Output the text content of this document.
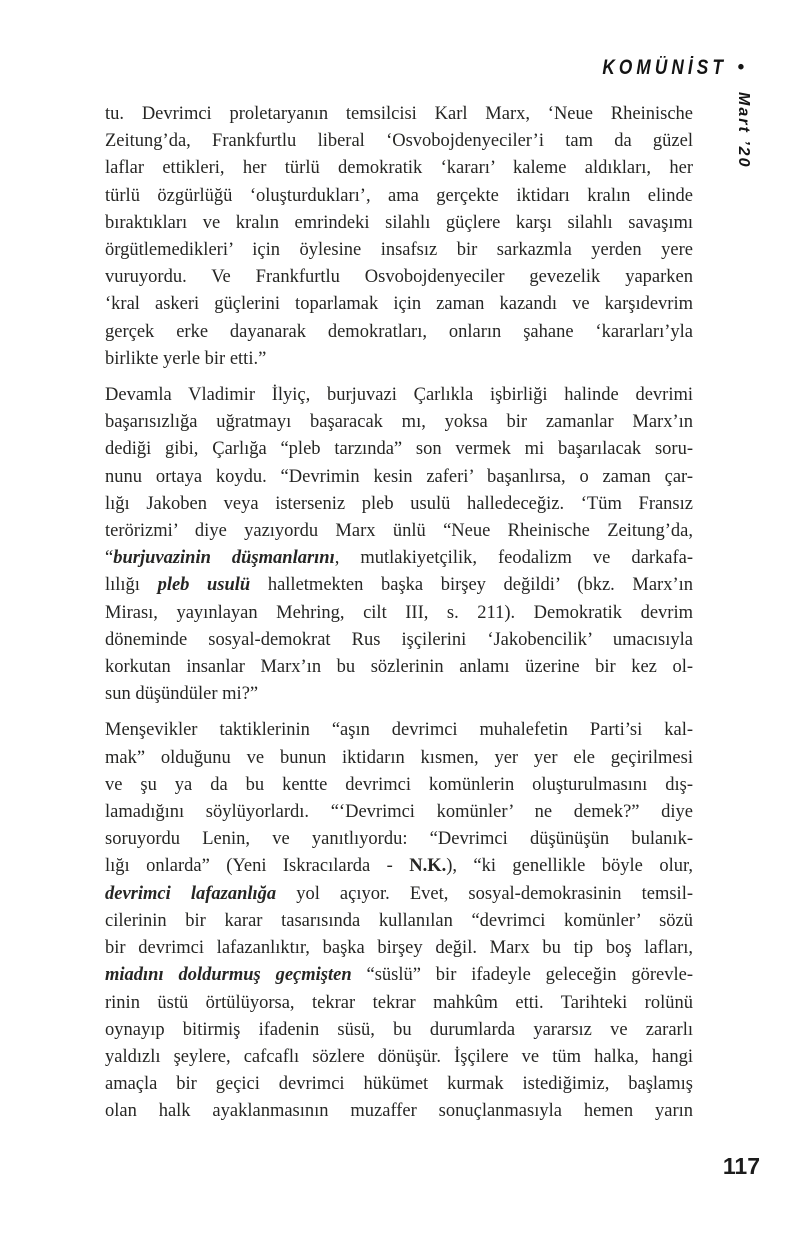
KOMÜNİST •
Mart ’20
tu. Devrimci proletaryanın temsilcisi Karl Marx, ‘Neue Rheinische
Zeitung’da, Frankfurtlu liberal ‘Osvobojdenyeciler’i tam da güzel
laflar ettikleri, her türlü demokratik ‘kararı’ kaleme aldıkları, her
türlü özgürlüğü ‘oluşturdukları’, ama gerçekte iktidarı kralın elinde
bıraktıkları ve kralın emrindeki silahlı güçlere karşı silahlı savaşımı
örgütlemedikleri’ için öylesine insafsız bir sarkazmla yerden yere
vuruyordu. Ve Frankfurtlu Osvobojdenyeciler gevezelik yaparken
‘kral askeri güçlerini toparlamak için zaman kazandı ve karşıdevrim
gerçek erke dayanarak demokratları, onların şahane ‘kararları’yla
birlikte yerle bir etti.”
Devamla Vladimir İlyiç, burjuvazi Çarlıkla işbirliği halinde devrimi
başarısızlığa uğratmayı başaracak mı, yoksa bir zamanlar Marx’ın
dediği gibi, Çarlığa “pleb tarzında” son vermek mi başarılacak soru-
nunu ortaya koydu. “Devrimin kesin zaferi’ başanlırsa, o zaman çar-
lığı Jakoben veya isterseniz pleb usulü halledeceğiz. ‘Tüm Fransız
terörizmi’ diye yazıyordu Marx ünlü “Neue Rheinische Zeitung’da,
“burjuvazinin düşmanlarını, mutlakiyetçilik, feodalizm ve darkafa-
lılığı pleb usulü halletmekten başka birşey değildi’ (bkz. Marx’ın
Mirası, yayınlayan Mehring, cilt III, s. 211). Demokratik devrim
döneminde sosyal-demokrat Rus işçilerini ‘Jakobencilik’ umacısıyla
korkutan insanlar Marx’ın bu sözlerinin anlamı üzerine bir kez ol-
sun düşündüler mi?”
Menşevikler taktiklerinin “aşın devrimci muhalefetin Parti’si kal-
mak” olduğunu ve bunun iktidarın kısmen, yer yer ele geçirilmesi
ve şu ya da bu kentte devrimci komünlerin oluşturulmasını dış-
lamadığını söylüyorlardı. “‘Devrimci komünler’ ne demek?” diye
soruyordu Lenin, ve yanıtlıyordu: “Devrimci düşünüşün bulanık-
lığı onlarda” (Yeni Iskracılarda - N.K.), “ki genellikle böyle olur,
devrimci lafazanlığa yol açıyor. Evet, sosyal-demokrasinin temsil-
cilerinin bir karar tasarısında kullanılan “devrimci komünler’ sözü
bir devrimci lafazanlıktır, başka birşey değil. Marx bu tip boş lafları,
miadını doldurmuş geçmişten “süslü” bir ifadeyle geleceğin görevle-
rinin üstü örtülüyorsa, tekrar tekrar mahkûm etti. Tarihteki rolünü
oynayıp bitirmiş ifadenin süsü, bu durumlarda yararsız ve zararlı
yaldızlı şeylere, cafcaflı sözlere dönüşür. İşçilere ve tüm halka, hangi
amaçla bir geçici devrimci hükümet kurmak istediğimiz, başlamış
olan halk ayaklanmasının muzaffer sonuçlanmasıyla hemen yarın
117
